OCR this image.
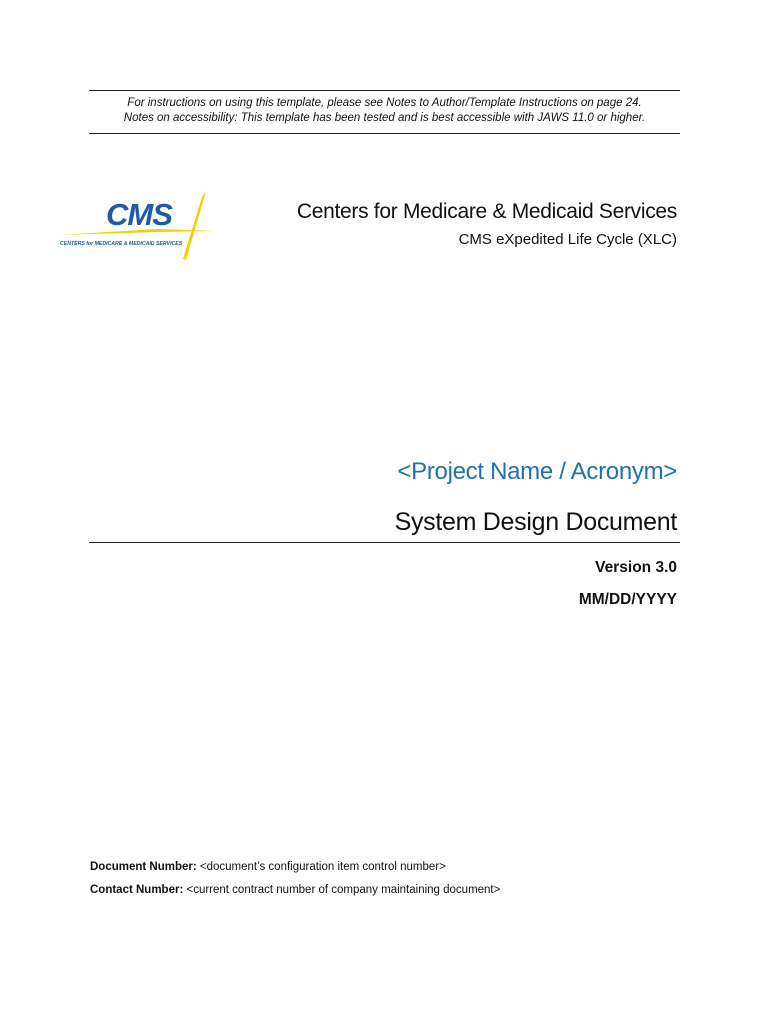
For instructions on using this template, please see Notes to Author/Template Instructions on page 24.
Notes on accessibility: This template has been tested and is best accessible with JAWS 11.0 or higher.
CMS
CENTERS for MEDICARE & MEDICAID SERVICES
Centers for Medicare & Medicaid Services
CMS eXpedited Life Cycle (XLC)
<Project Name / Acronym>
System Design Document
Version 3.0
MM/DD/YYYY
Document Number: <document’s configuration item control number>
Contact Number: <current contract number of company maintaining document>
